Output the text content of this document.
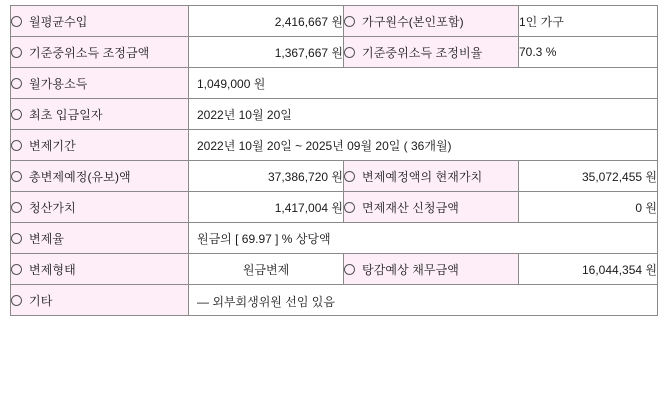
월평균수입	2,416,667 원	가구원수(본인포함)	1인 가구

기준중위소득 조정금액	1,367,667 원	기준중위소득 조정비율	70.3 %

월가용소득	1,049,000 원		

최초 입금일자	2022년 10월 20일		

변제기간	2022년 10월 20일 ~ 2025년 09월 20일 ( 36개월)		

총변제예정(유보)액	37,386,720 원	변제예정액의 현재가치	35,072,455 원

청산가치	1,417,004 원	면제재산 신청금액	0 원

변제율	원금의 [ 69.97 ] % 상당액		

변제형태	원금변제	탕감예상 채무금액	16,044,354 원

기타	— 외부회생위원 선임 있음		
